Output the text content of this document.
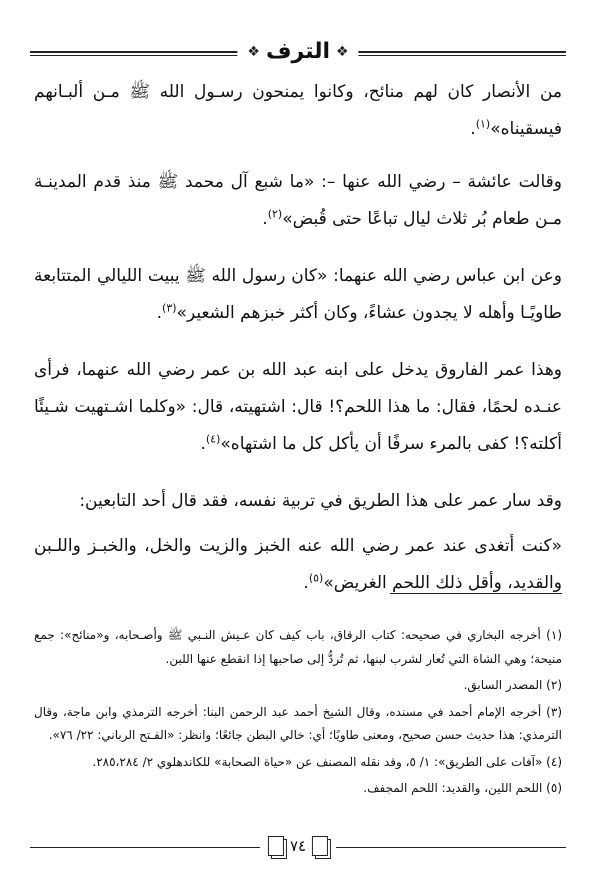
❖
الترف
❖

من الأنصار كان لهم منائح، وكانوا يمنحون رسـول الله ﷺ مـن ألبـانهم فيسقيناه»$^{(١)}$.

وقالت عائشة – رضي الله عنها –: «ما شبع آل محمد ﷺ منذ قدم المدينـة مـن طعام بُر ثلاث ليال تباعًا حتى قُبض»$^{(٢)}$.

وعن ابن عباس رضي الله عنهما: «كان رسول الله ﷺ يبيت الليالي المتتابعة طاويًـا وأهله لا يجدون عشاءً، وكان أكثر خبزهم الشعير»$^{(٣)}$.

وهذا عمر الفاروق يدخل على ابنه عبد الله بن عمر رضي الله عنهما، فرأى عنـده لحمًا، فقال: ما هذا اللحم؟! قال: اشتهيته، قال: «وكلما اشـتهيت شـيئًا أكلته؟! كفى بالمرء سرفًا أن يأكل كل ما اشتهاه»$^{(٤)}$.

وقد سار عمر على هذا الطريق في تربية نفسه، فقد قال أحد التابعين:

«كنت أتغدى عند عمر رضي الله عنه الخبز والزيت والخل، والخبـز واللـبن والقديد، وأقل ذلك اللحم الغريض»$^{(٥)}$.

(١) أخرجه البخاري في صحيحه: كتاب الرقاق، باب كيف كان عـيش النـبي ﷺ وأصـحابه، و«منائح»: جمع منيحة؛ وهي الشاة التي تُعار لشرب لبنها، ثم تُردُّ إلى صاحبها إذا انقطع عنها اللبن.

(٢) المصدر السابق.

(٣) أخرجه الإمام أحمد في مسنده، وقال الشيخ أحمد عبد الرحمن البنا: أخرجه الترمذي وابن ماجة، وقال الترمذي: هذا حديث حسن صحيح، ومعنى طاويًا؛ أي: خالي البطن جائعًا؛ وانظر: «الفـتح الرباني: ٢٢/ ٧٦».

(٤) «آفات على الطريق»: ١/ ٥، وقد نقله المصنف عن «حياة الصحابة» للكاندهلوي ٢/ ٢٨٥،٢٨٤.

(٥) اللحم اللين، والقديد: اللحم المجفف.

٧٤
